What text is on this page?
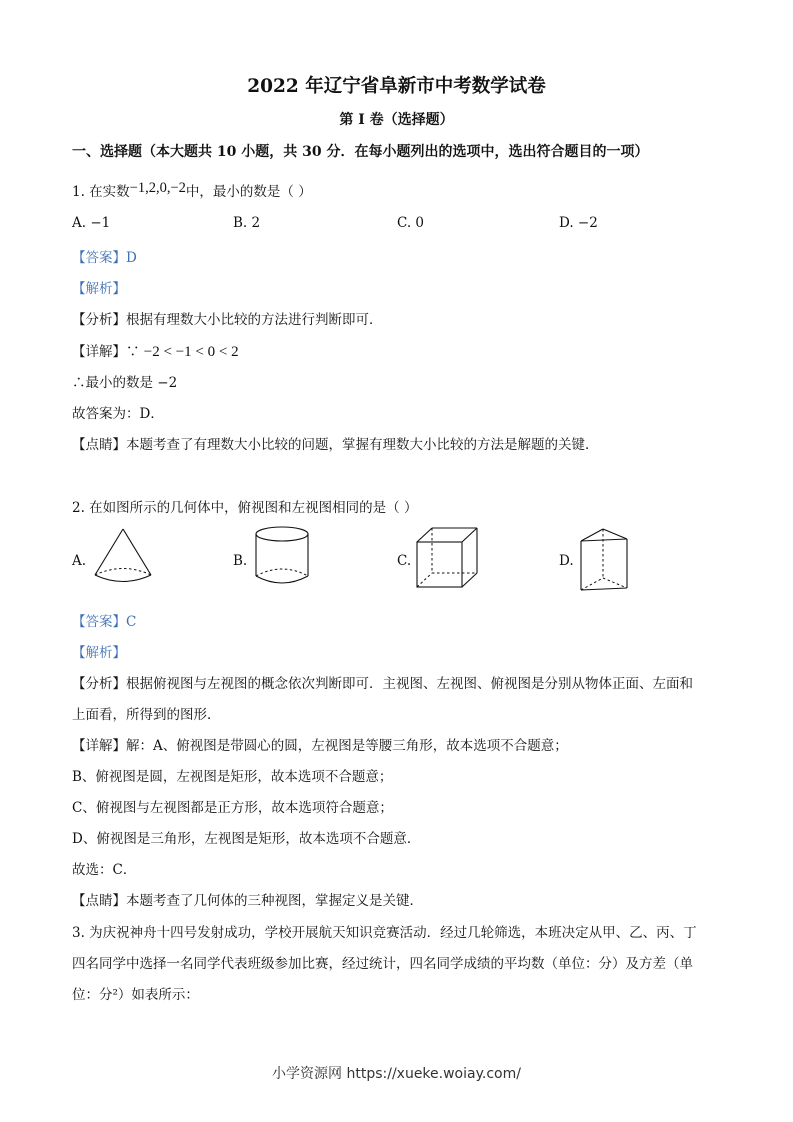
2022 年辽宁省阜新市中考数学试卷
第 I 卷（选择题）
一、选择题（本大题共 10 小题，共 30 分．在每小题列出的选项中，选出符合题目的一项）
1. 在实数−1,2,0,−2中，最小的数是（ ）
A. −1	B. 2	C. 0	D. −2
【答案】D
【解析】
【分析】根据有理数大小比较的方法进行判断即可．
【详解】∵ −2 < −1 < 0 < 2
∴最小的数是 −2
故答案为：D．
【点睛】本题考查了有理数大小比较的问题，掌握有理数大小比较的方法是解题的关键．
2. 在如图所示的几何体中，俯视图和左视图相同的是（ ）
A.	B.	C.	D.
【答案】C
【解析】
【分析】根据俯视图与左视图的概念依次判断即可．主视图、左视图、俯视图是分别从物体正面、左面和
上面看，所得到的图形．
【详解】解：A、俯视图是带圆心的圆，左视图是等腰三角形，故本选项不合题意；
B、俯视图是圆，左视图是矩形，故本选项不合题意；
C、俯视图与左视图都是正方形，故本选项符合题意；
D、俯视图是三角形，左视图是矩形，故本选项不合题意．
故选：C．
【点睛】本题考查了几何体的三种视图，掌握定义是关键．
3. 为庆祝神舟十四号发射成功，学校开展航天知识竞赛活动．经过几轮筛选，本班决定从甲、乙、丙、丁
四名同学中选择一名同学代表班级参加比赛，经过统计，四名同学成绩的平均数（单位：分）及方差（单
位：分²）如表所示：
小学资源网 https://xueke.woiay.com/
